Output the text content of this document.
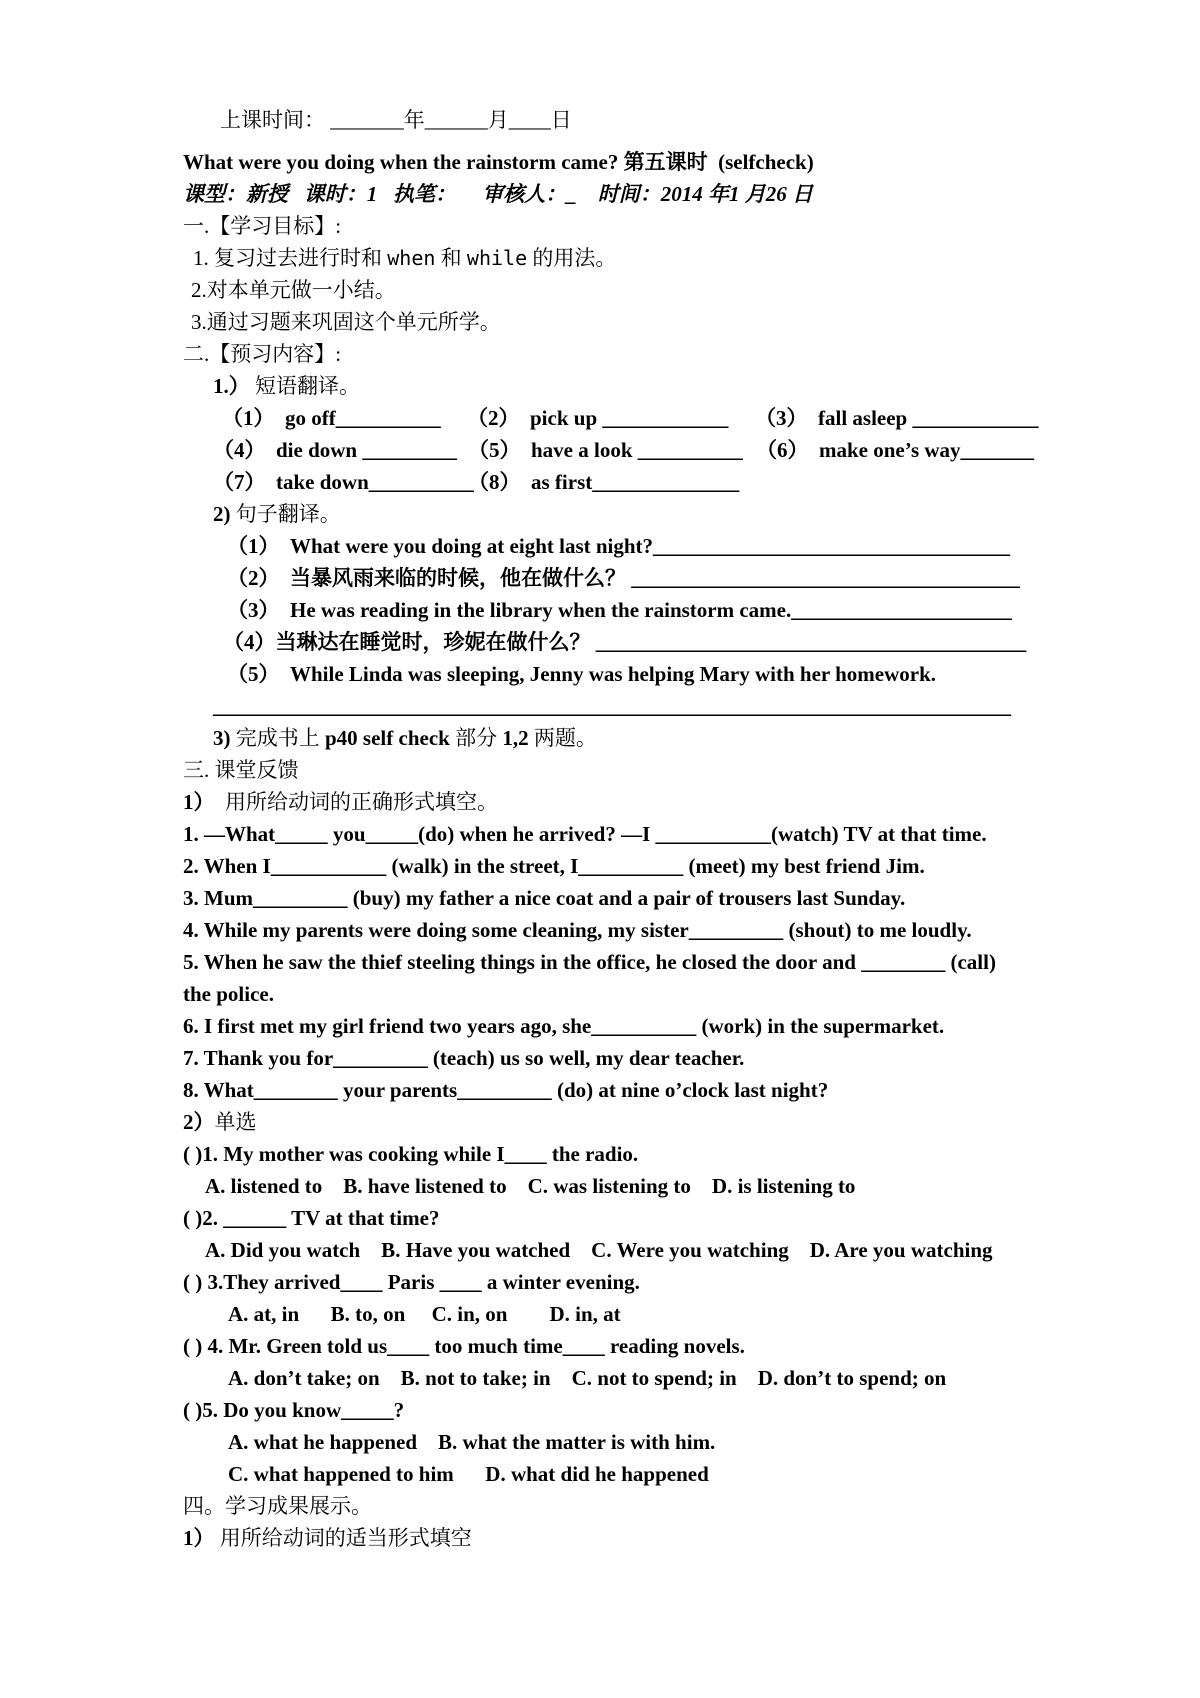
上课时间： _______年______月____日
What were you doing when the rainstorm came? 第五课时  (selfcheck)
课型：新授   课时：1   执笔：     审核人：_    时间：2014 年1 月26 日
一.【学习目标】:
1. 复习过去进行时和 when 和 while 的用法。
2.对本单元做一小结。
3.通过习题来巩固这个单元所学。
二.【预习内容】:
1.） 短语翻译。
（1）  go off__________ （2）  pick up ____________ （3）  fall asleep ____________
（4）  die down _________ （5）  have a look __________ （6）  make one’s way_______
（7）  take down__________（8）  as first______________
2) 句子翻译。
（1）  What were you doing at eight last night?__________________________________
（2）  当暴风雨来临的时候，他在做什么？ _____________________________________
（3）  He was reading in the library when the rainstorm came._____________________
（4）当琳达在睡觉时，珍妮在做什么？ _________________________________________
（5）  While Linda was sleeping, Jenny was helping Mary with her homework.
____________________________________________________________________________
3) 完成书上 p40 self check 部分 1,2 两题。
三. 课堂反馈
1）  用所给动词的正确形式填空。
1. —What_____ you_____(do) when he arrived? —I ___________(watch) TV at that time.
2. When I___________ (walk) in the street, I__________ (meet) my best friend Jim.
3. Mum_________ (buy) my father a nice coat and a pair of trousers last Sunday.
4. While my parents were doing some cleaning, my sister_________ (shout) to me loudly.
5. When he saw the thief steeling things in the office, he closed the door and ________ (call)
the police.
6. I first met my girl friend two years ago, she__________ (work) in the supermarket.
7. Thank you for_________ (teach) us so well, my dear teacher.
8. What________ your parents_________ (do) at nine o’clock last night?
2）单选
( )1. My mother was cooking while I____ the radio.
A. listened to    B. have listened to    C. was listening to    D. is listening to
( )2. ______ TV at that time?
A. Did you watch    B. Have you watched    C. Were you watching    D. Are you watching
( ) 3.They arrived____ Paris ____ a winter evening.
A. at, in      B. to, on     C. in, on        D. in, at
( ) 4. Mr. Green told us____ too much time____ reading novels.
A. don’t take; on    B. not to take; in    C. not to spend; in    D. don’t to spend; on
( )5. Do you know_____?
A. what he happened    B. what the matter is with him.
C. what happened to him      D. what did he happened
四。学习成果展示。
1） 用所给动词的适当形式填空
